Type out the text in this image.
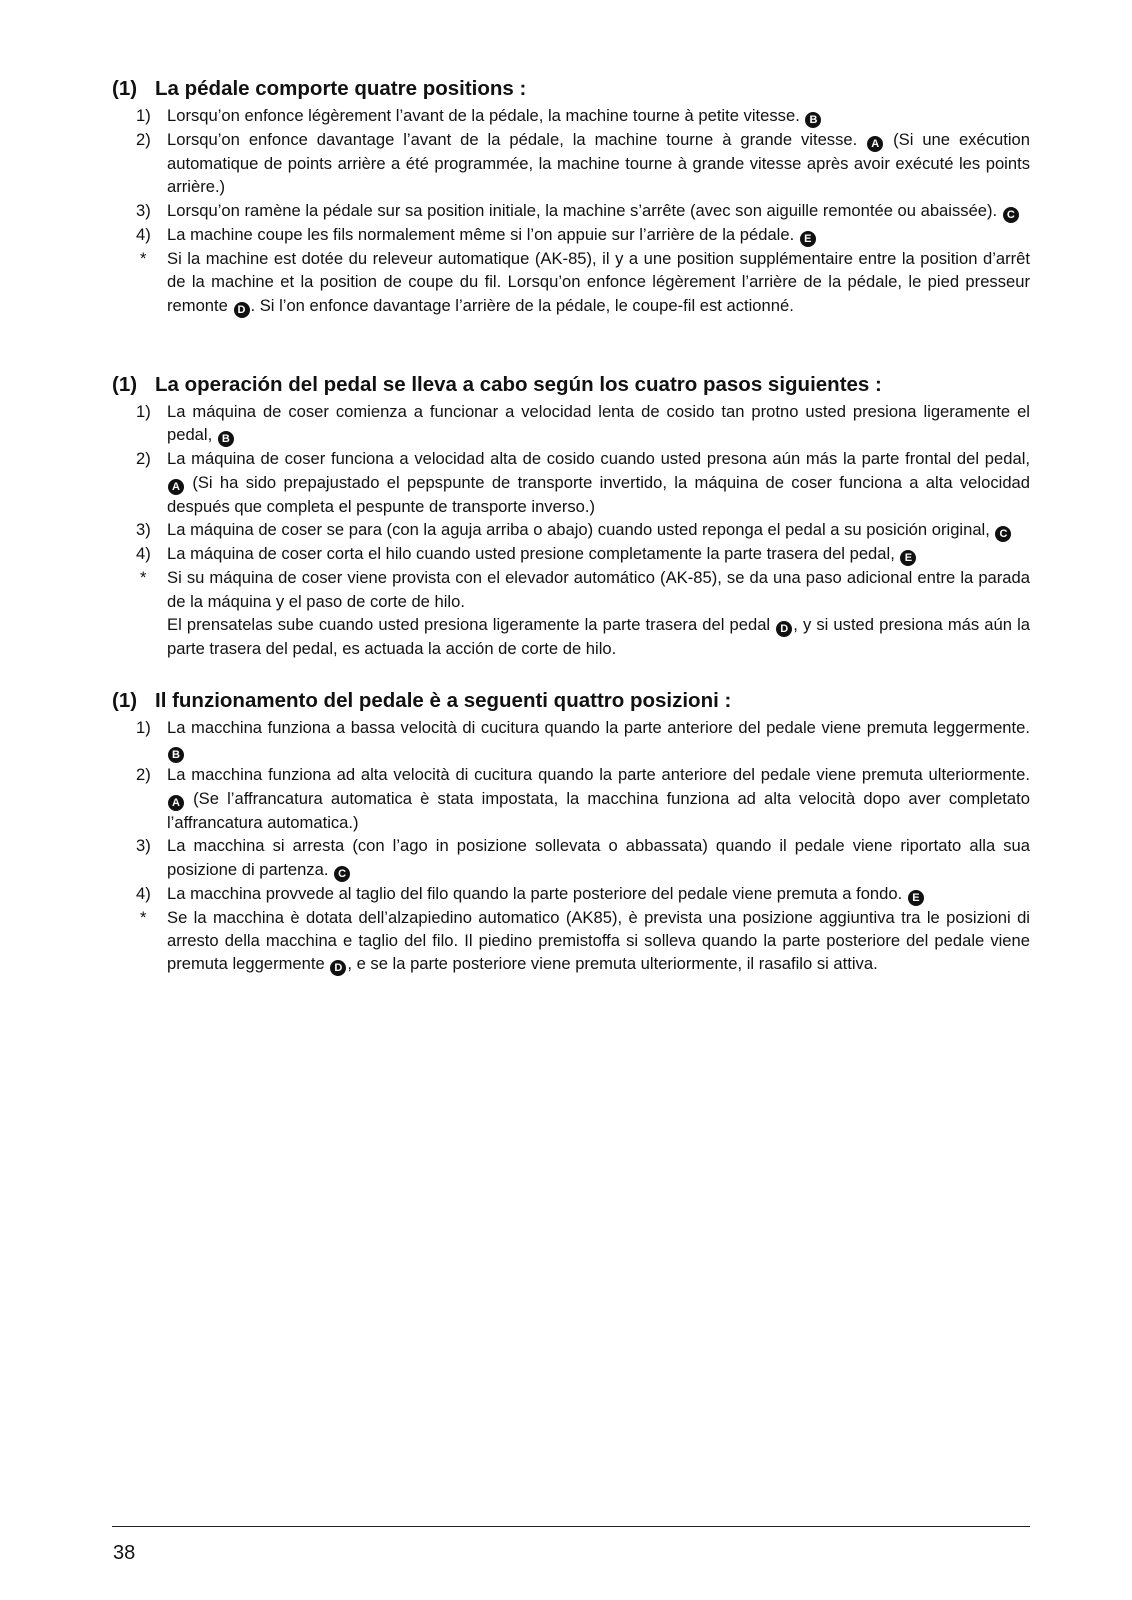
(1) La pédale comporte quatre positions :
1) Lorsqu’on enfonce légèrement l’avant de la pédale, la machine tourne à petite vitesse. B
2) Lorsqu’on enfonce davantage l’avant de la pédale, la machine tourne à grande vitesse. A (Si une exécution automatique de points arrière a été programmée, la machine tourne à grande vitesse après avoir exécuté les points arrière.)
3) Lorsqu’on ramène la pédale sur sa position initiale, la machine s’arrête (avec son aiguille remontée ou abaissée). C
4) La machine coupe les fils normalement même si l’on appuie sur l’arrière de la pédale. E
*	Si la machine est dotée du releveur automatique (AK-85), il y a une position supplémentaire entre la position d’arrêt de la machine et la position de coupe du fil. Lorsqu’on enfonce légèrement l’arrière de la pédale, le pied presseur remonte D . Si l’on enfonce davantage l’arrière de la pédale, le coupe-fil est actionné.
(1) La operación del pedal se lleva a cabo según los cuatro pasos siguientes :
1) La máquina de coser comienza a funcionar a velocidad lenta de cosido tan protno usted presiona ligeramente el pedal, B
2) La máquina de coser funciona a velocidad alta de cosido cuando usted presona aún más la parte frontal del pedal, A (Si ha sido prepajustado el pepspunte de transporte invertido, la máquina de coser funciona a alta velocidad después que completa el pespunte de transporte inverso.)
3) La máquina de coser se para (con la aguja arriba o abajo) cuando usted reponga el pedal a su posición original, C
4) La máquina de coser corta el hilo cuando usted presione completamente la parte trasera del pedal, E
*	Si su máquina de coser viene provista con el elevador automático (AK-85), se da una paso adicional entre la parada de la máquina y el paso de corte de hilo.
El prensatelas sube cuando usted presiona ligeramente la parte trasera del pedal D , y si usted presiona más aún la parte trasera del pedal, es actuada la acción de corte de hilo.
(1) Il funzionamento del pedale è a seguenti quattro posizioni :
1) La macchina funziona a bassa velocità di cucitura quando la parte anteriore del pedale viene premuta leggermente. B
2) La macchina funziona ad alta velocità di cucitura quando la parte anteriore del pedale viene premuta ulteriormente. A (Se l’affrancatura automatica è stata impostata, la macchina funziona ad alta velocità dopo aver completato l’affrancatura automatica.)
3) La macchina si arresta (con l’ago in posizione sollevata o abbassata) quando il pedale viene riportato alla sua posizione di partenza. C
4) La macchina provvede al taglio del filo quando la parte posteriore del pedale viene premuta a fondo. E
*	Se la macchina è dotata dell’alzapiedino automatico (AK85), è prevista una posizione aggiuntiva tra le posizioni di arresto della macchina e taglio del filo. Il piedino premistoffa si solleva quando la parte posteriore del pedale viene premuta leggermente D , e se la parte posteriore viene premuta ulteriormente, il rasafilo si attiva.
38
